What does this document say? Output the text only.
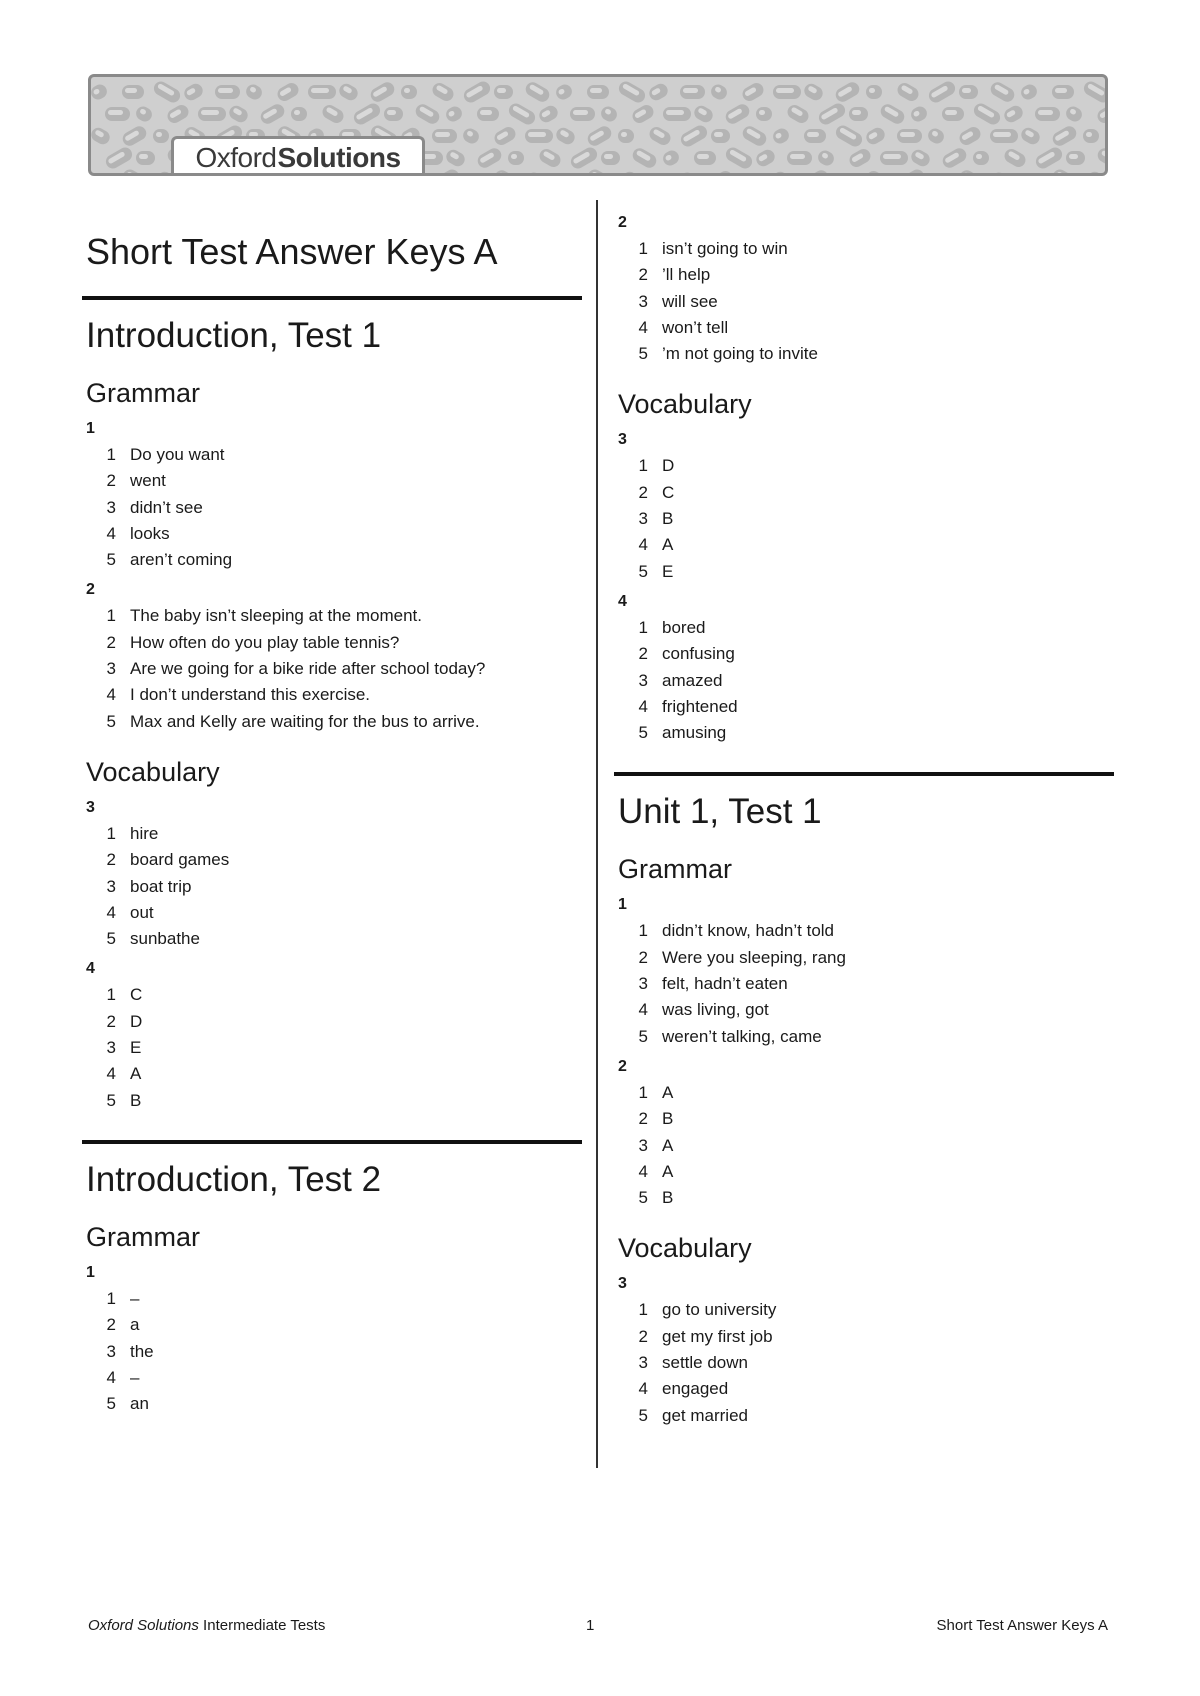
Oxford Solutions
Short Test Answer Keys A
Introduction, Test 1
Grammar
1
1 Do you want
2 went
3 didn’t see
4 looks
5 aren’t coming
2
1 The baby isn’t sleeping at the moment.
2 How often do you play table tennis?
3 Are we going for a bike ride after school today?
4 I don’t understand this exercise.
5 Max and Kelly are waiting for the bus to arrive.
Vocabulary
3
1 hire
2 board games
3 boat trip
4 out
5 sunbathe
4
1 C
2 D
3 E
4 A
5 B
Introduction, Test 2
Grammar
1
1 –
2 a
3 the
4 –
5 an
2
1 isn’t going to win
2 ’ll help
3 will see
4 won’t tell
5 ’m not going to invite
Vocabulary
3
1 D
2 C
3 B
4 A
5 E
4
1 bored
2 confusing
3 amazed
4 frightened
5 amusing
Unit 1, Test 1
Grammar
1
1 didn’t know, hadn’t told
2 Were you sleeping, rang
3 felt, hadn’t eaten
4 was living, got
5 weren’t talking, came
2
1 A
2 B
3 A
4 A
5 B
Vocabulary
3
1 go to university
2 get my first job
3 settle down
4 engaged
5 get married
Oxford Solutions Intermediate Tests	1	Short Test Answer Keys A
